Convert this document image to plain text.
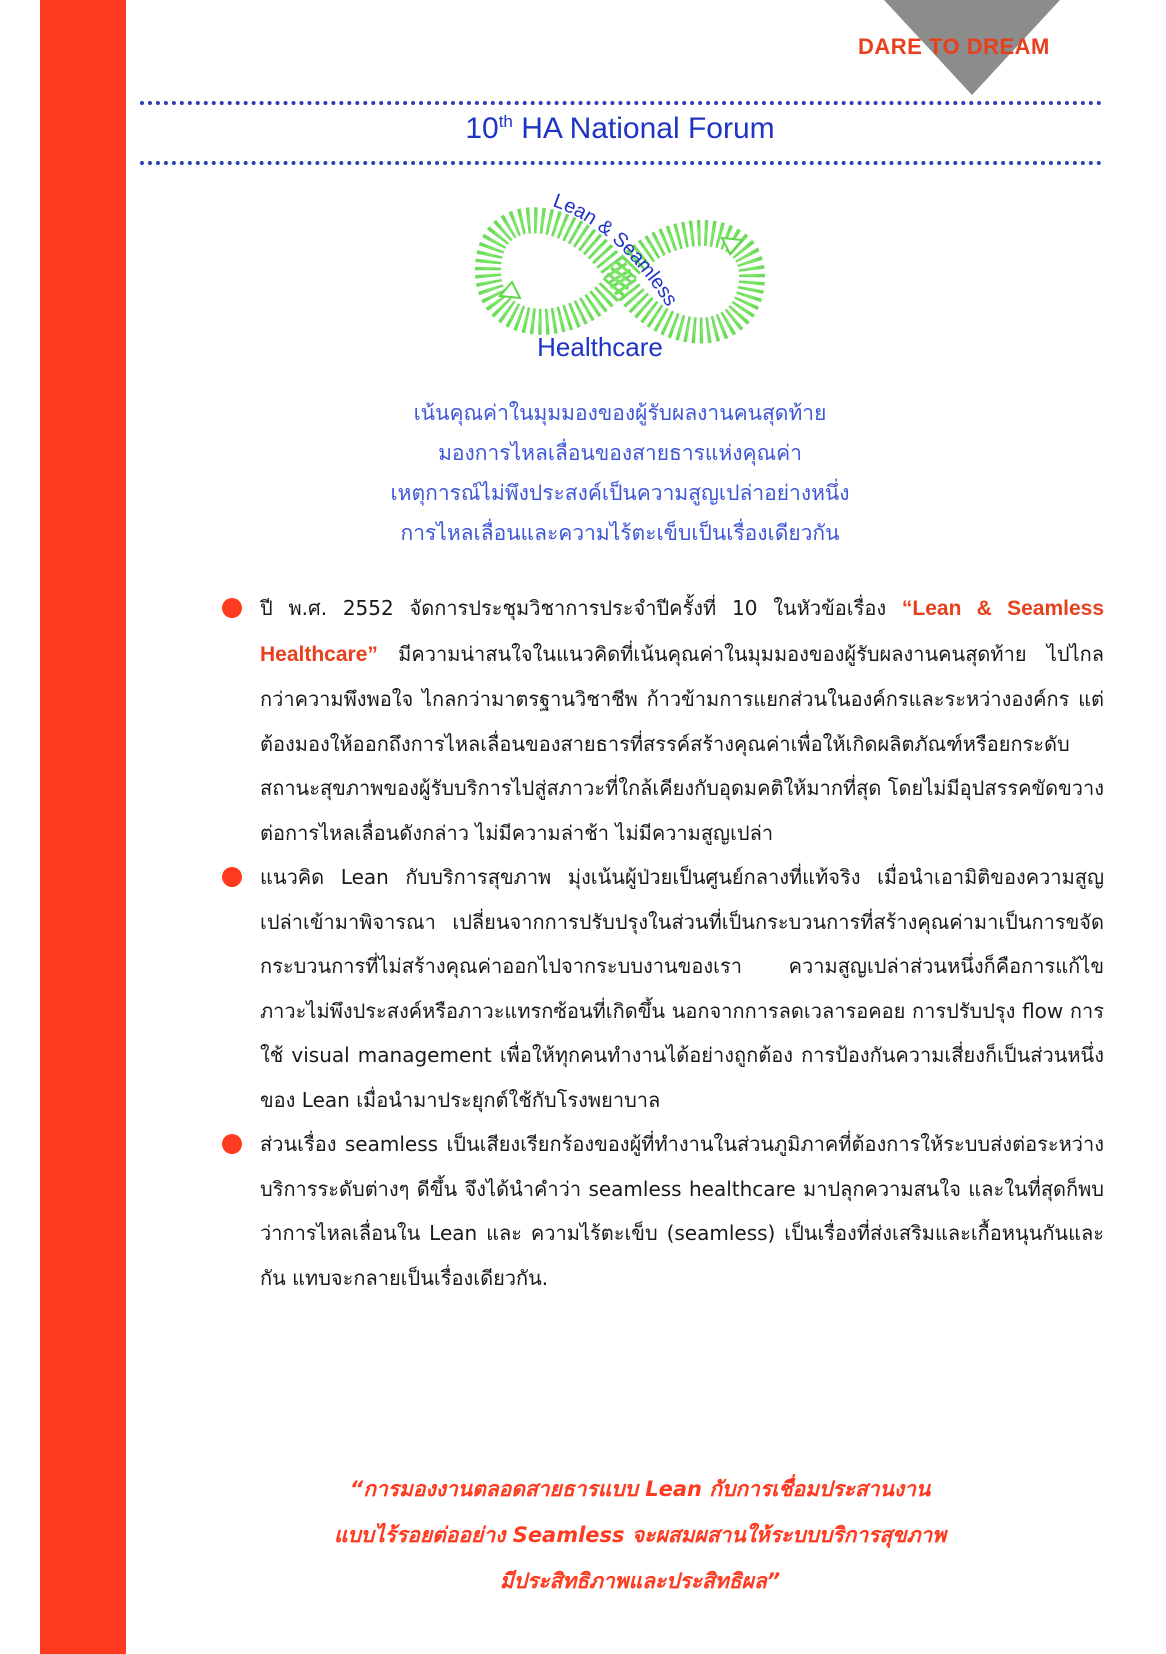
DARE TO DREAM
10th HA National Forum
Lean & Seamless
Healthcare
เน้นคุณค่าในมุมมองของผู้รับผลงานคนสุดท้าย
มองการไหลเลื่อนของสายธารแห่งคุณค่า
เหตุการณ์ไม่พึงประสงค์เป็นความสูญเปล่าอย่างหนึ่ง
การไหลเลื่อนและความไร้ตะเข็บเป็นเรื่องเดียวกัน
ปี พ.ศ. 2552 จัดการประชุมวิชาการประจำปีครั้งที่ 10 ในหัวข้อเรื่อง “Lean & Seamless Healthcare” มีความน่าสนใจในแนวคิดที่เน้นคุณค่าในมุมมองของผู้รับผลงานคนสุดท้าย ไปไกลกว่าความพึงพอใจ ไกลกว่ามาตรฐานวิชาชีพ ก้าวข้ามการแยกส่วนในองค์กรและระหว่างองค์กร แต่ต้องมองให้ออกถึงการไหลเลื่อนของสายธารที่สรรค์สร้างคุณค่าเพื่อให้เกิดผลิตภัณฑ์หรือยกระดับสถานะสุขภาพของผู้รับบริการไปสู่สภาวะที่ใกล้เคียงกับอุดมคติให้มากที่สุด โดยไม่มีอุปสรรคขัดขวางต่อการไหลเลื่อนดังกล่าว ไม่มีความล่าช้า ไม่มีความสูญเปล่า
แนวคิด Lean กับบริการสุขภาพ มุ่งเน้นผู้ป่วยเป็นศูนย์กลางที่แท้จริง เมื่อนำเอามิติของความสูญเปล่าเข้ามาพิจารณา เปลี่ยนจากการปรับปรุงในส่วนที่เป็นกระบวนการที่สร้างคุณค่ามาเป็นการขจัดกระบวนการที่ไม่สร้างคุณค่าออกไปจากระบบงานของเรา ความสูญเปล่าส่วนหนึ่งก็คือการแก้ไขภาวะไม่พึงประสงค์หรือภาวะแทรกซ้อนที่เกิดขึ้น นอกจากการลดเวลารอคอย การปรับปรุง flow การใช้ visual management เพื่อให้ทุกคนทำงานได้อย่างถูกต้อง การป้องกันความเสี่ยงก็เป็นส่วนหนึ่งของ Lean เมื่อนำมาประยุกต์ใช้กับโรงพยาบาล
ส่วนเรื่อง seamless เป็นเสียงเรียกร้องของผู้ที่ทำงานในส่วนภูมิภาคที่ต้องการให้ระบบส่งต่อระหว่างบริการระดับต่างๆ ดีขึ้น จึงได้นำคำว่า seamless healthcare มาปลุกความสนใจ และในที่สุดก็พบว่าการไหลเลื่อนใน Lean และ ความไร้ตะเข็บ (seamless) เป็นเรื่องที่ส่งเสริมและเกื้อหนุนกันและกัน แทบจะกลายเป็นเรื่องเดียวกัน.
“การมองงานตลอดสายธารแบบ Lean กับการเชื่อมประสานงาน
แบบไร้รอยต่ออย่าง Seamless จะผสมผสานให้ระบบบริการสุขภาพ
มีประสิทธิภาพและประสิทธิผล”
